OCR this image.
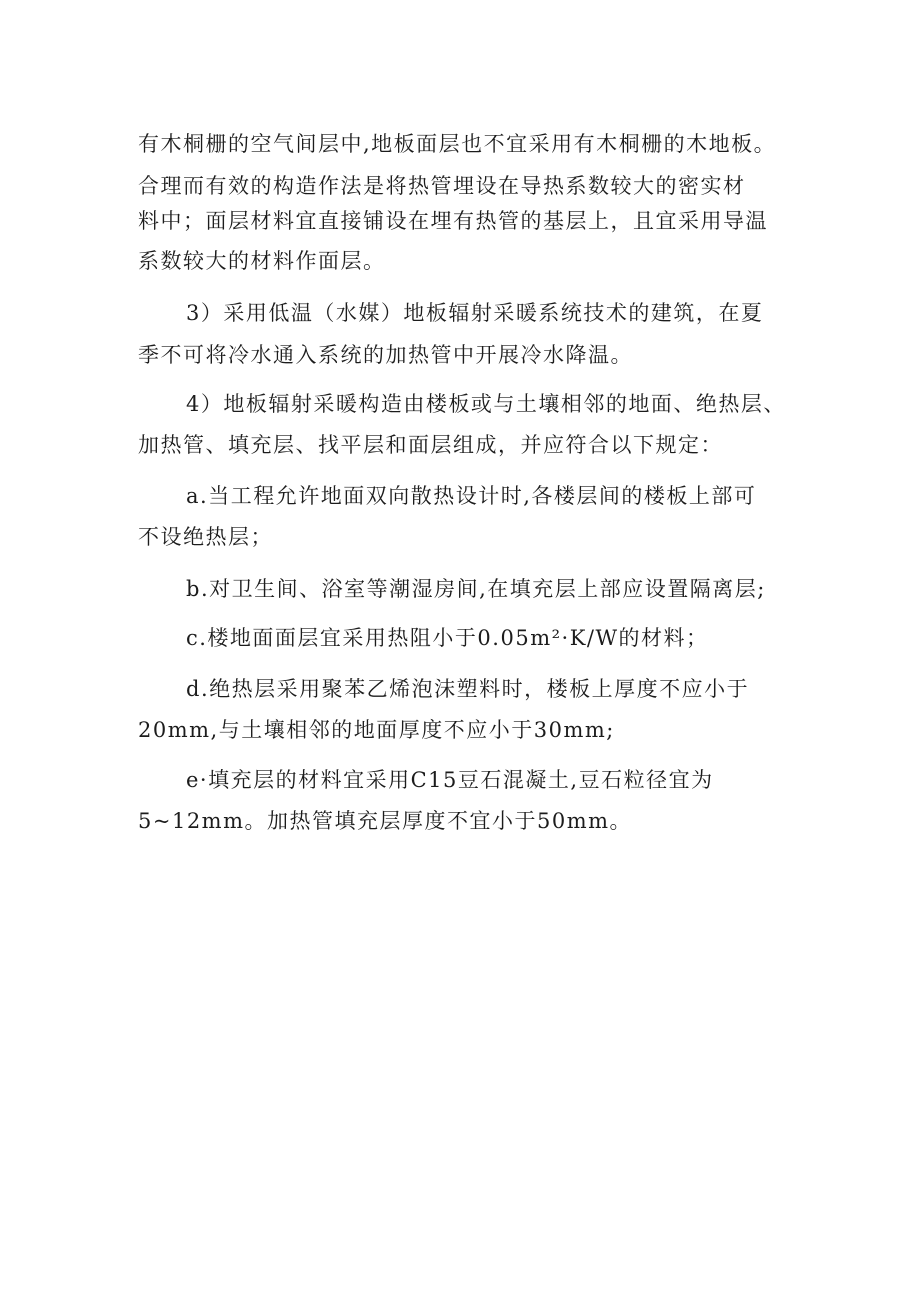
有木桐栅的空气间层中,地板面层也不宜采用有木桐栅的木地板。
合理而有效的构造作法是将热管埋设在导热系数较大的密实材
料中；面层材料宜直接铺设在埋有热管的基层上，且宜采用导温
系数较大的材料作面层。
3）采用低温（水媒）地板辐射采暖系统技术的建筑，在夏
季不可将冷水通入系统的加热管中开展冷水降温。
4）地板辐射采暖构造由楼板或与土壤相邻的地面、绝热层、
加热管、填充层、找平层和面层组成，并应符合以下规定：
a.当工程允许地面双向散热设计时,各楼层间的楼板上部可
不设绝热层；
b.对卫生间、浴室等潮湿房间,在填充层上部应设置隔离层;
c.楼地面面层宜采用热阻小于0.05m²·K/W的材料；
d.绝热层采用聚苯乙烯泡沫塑料时，楼板上厚度不应小于
20mm,与土壤相邻的地面厚度不应小于30mm;
e·填充层的材料宜采用C15豆石混凝土,豆石粒径宜为
5~12mm。加热管填充层厚度不宜小于50mm。
